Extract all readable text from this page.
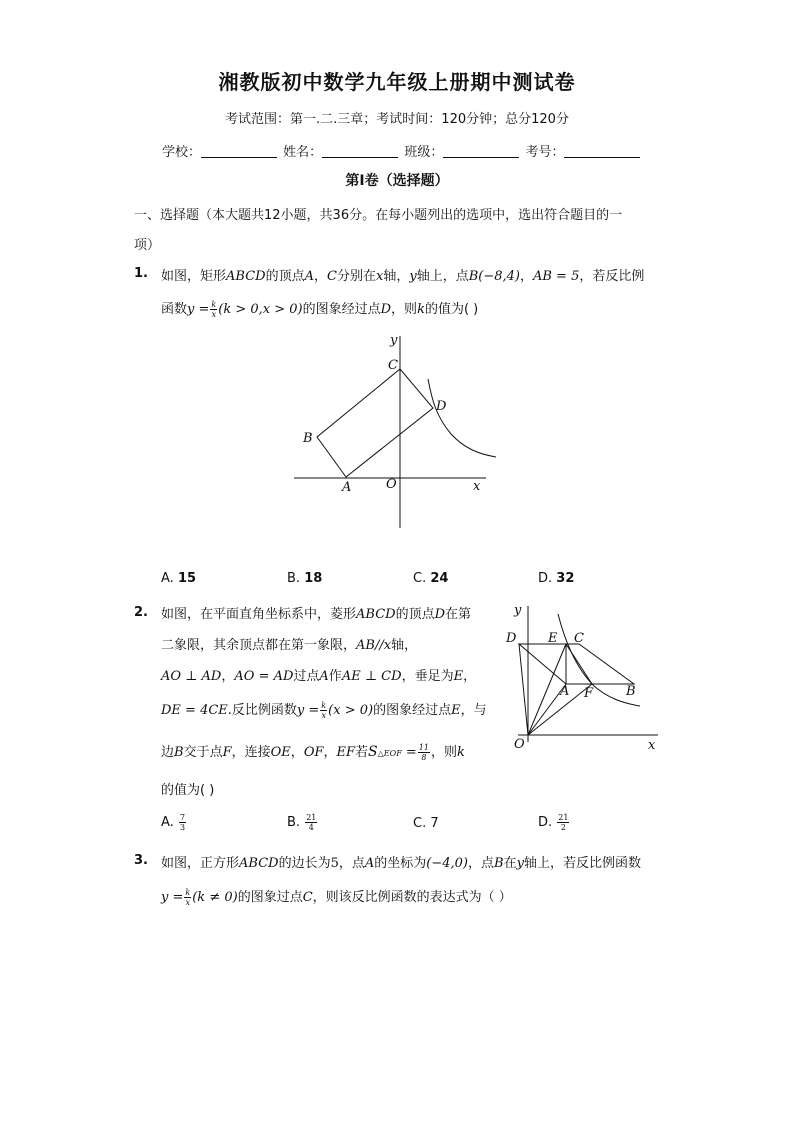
湘教版初中数学九年级上册期中测试卷
考试范围：第一.二.三章；考试时间：120分钟；总分120分
学校：	姓名：	班级：	考号：
第I卷（选择题）
一、选择题（本大题共12小题，共36分。在每小题列出的选项中，选出符合题目的一
项）
1. 如图，矩形ABCD的顶点A，C分别在x轴，y轴上，点B(−8,4)，AB = 5，若反比例
函数$y = \frac{k}{x} (k > 0,x > 0)$的图象经过点D，则k的值为( )
y
C
D
B
A	O	x
A. 15	B. 18	C. 24	D. 32
2. 如图，在平面直角坐标系中，菱形ABCD的顶点D在第
二象限，其余顶点都在第一象限，AB//x轴，
AO ⊥ AD，AO = AD过点A作AE ⊥ CD，垂足为E，
DE = 4CE.反比例函数$y = \frac{k}{x} (x > 0)$的图象经过点E，与
边B交于点F，连接OE，OF，EF若S△EOF = $\frac{11}{8}$ ，则k
的值为( )
y
D E C
A F	B
O	x
A. $\frac{7}{3}$	B. $\frac{21}{4}$	C. 7	D. $\frac{21}{2}$
3. 如图，正方形ABCD的边长为5，点A的坐标为(−4,0)，点B在y轴上，若反比例函数
$y = \frac{k}{x} (k \ne 0)$的图象过点C，则该反比例函数的表达式为（ ）
